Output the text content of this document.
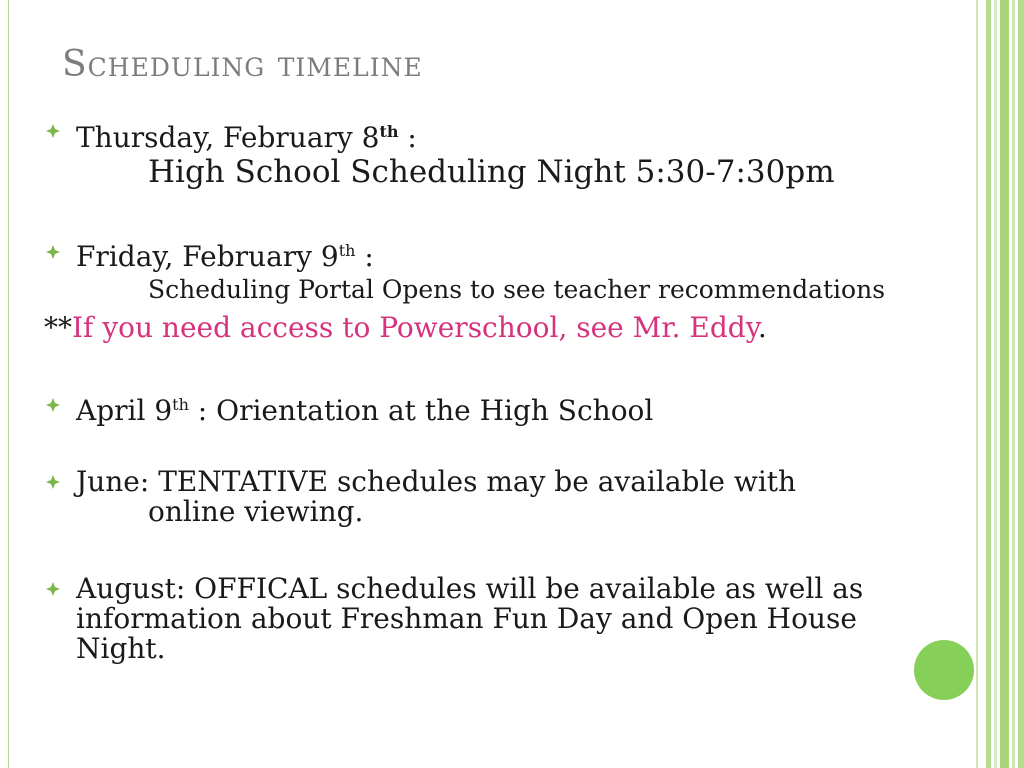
Scheduling timeline
Thursday, February 8th :
High School Scheduling Night 5:30-7:30pm
Friday, February 9th :
Scheduling Portal Opens to see teacher recommendations
**If you need access to Powerschool, see Mr. Eddy.
April 9th : Orientation at the High School
June: TENTATIVE schedules may be available with
online viewing.
August: OFFICAL schedules will be available as well as
information about Freshman Fun Day and Open House
Night.
